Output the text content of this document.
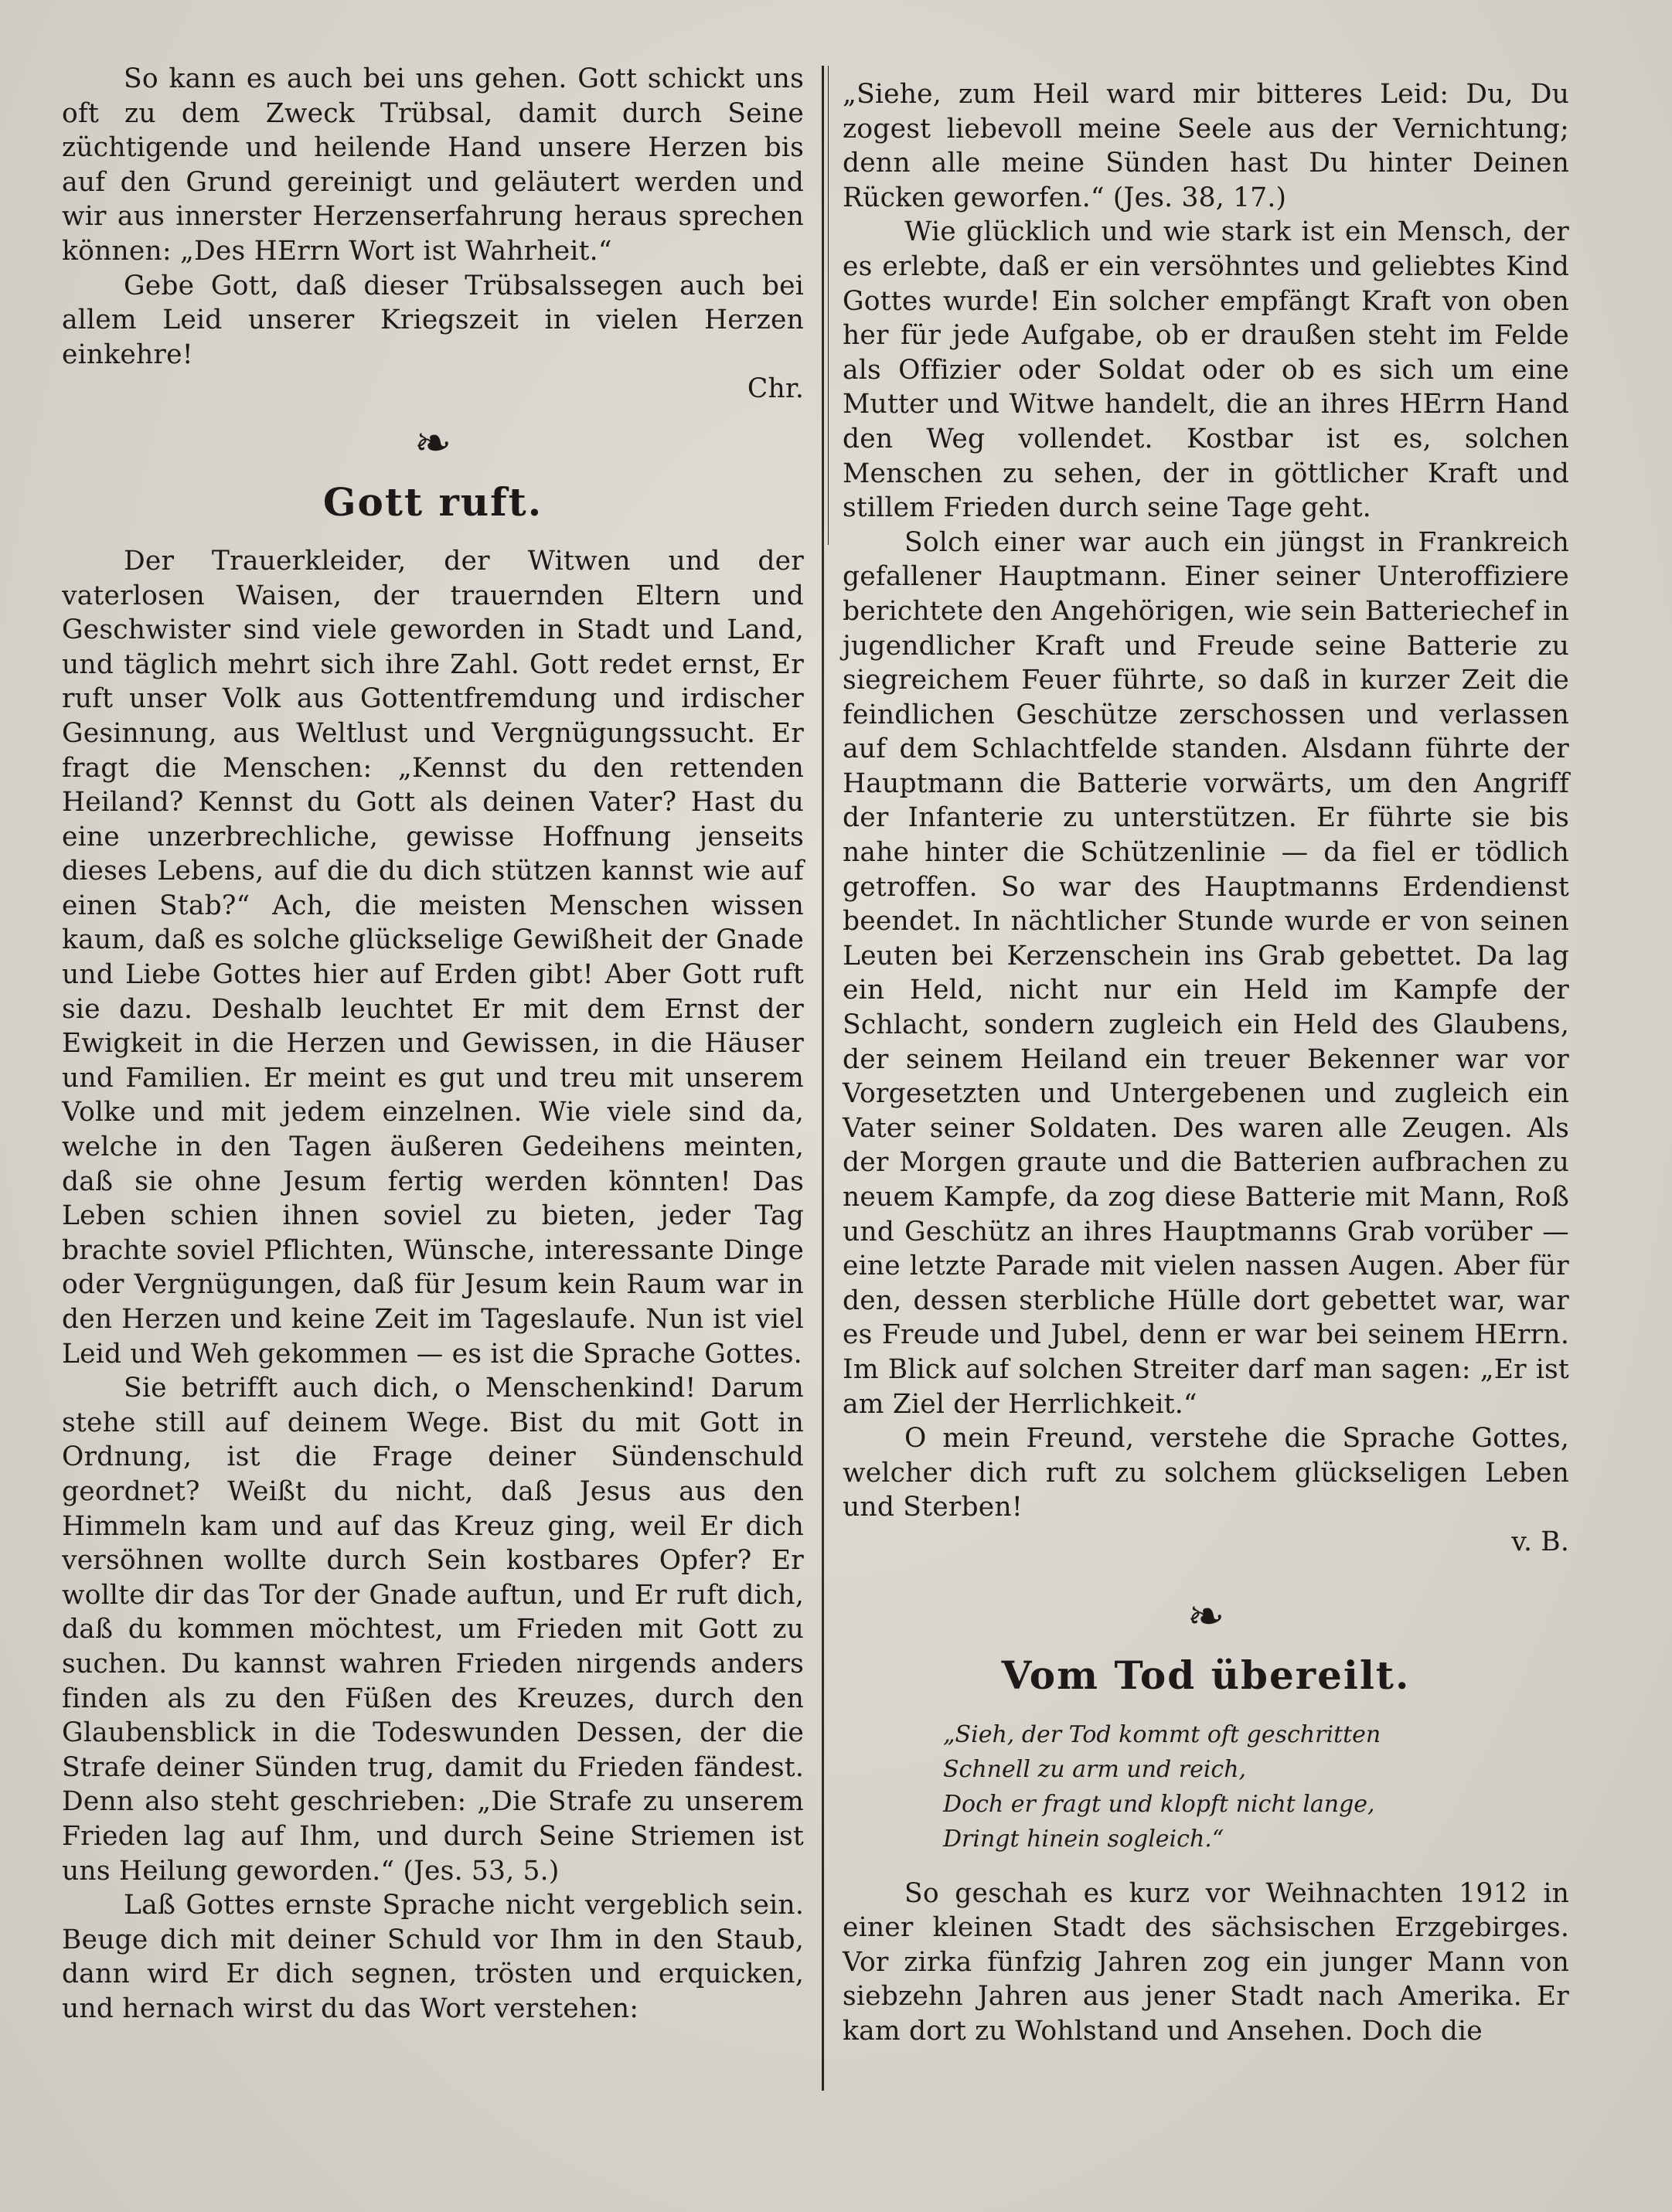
So kann es auch bei uns gehen. Gott schickt uns oft zu dem Zweck Trübsal, damit durch Seine züchtigende und heilende Hand unsere Herzen bis auf den Grund gereinigt und geläutert werden und wir aus innerster Herzenserfahrung heraus sprechen können: „Des HErrn Wort ist Wahrheit.“

Gebe Gott, daß dieser Trübsalssegen auch bei allem Leid unserer Kriegszeit in vielen Herzen einkehre!

Chr.

❧
Gott ruft.

Der Trauerkleider, der Witwen und der vaterlosen Waisen, der trauernden Eltern und Geschwister sind viele geworden in Stadt und Land, und täglich mehrt sich ihre Zahl. Gott redet ernst, Er ruft unser Volk aus Gottentfremdung und irdischer Gesinnung, aus Weltlust und Vergnügungssucht. Er fragt die Menschen: „Kennst du den rettenden Heiland? Kennst du Gott als deinen Vater? Hast du eine unzerbrechliche, gewisse Hoffnung jenseits dieses Lebens, auf die du dich stützen kannst wie auf einen Stab?“ Ach, die meisten Menschen wissen kaum, daß es solche glückselige Gewißheit der Gnade und Liebe Gottes hier auf Erden gibt! Aber Gott ruft sie dazu. Deshalb leuchtet Er mit dem Ernst der Ewigkeit in die Herzen und Gewissen, in die Häuser und Familien. Er meint es gut und treu mit unserem Volke und mit jedem einzelnen. Wie viele sind da, welche in den Tagen äußeren Gedeihens meinten, daß sie ohne Jesum fertig werden könnten! Das Leben schien ihnen soviel zu bieten, jeder Tag brachte soviel Pflichten, Wünsche, interessante Dinge oder Vergnügungen, daß für Jesum kein Raum war in den Herzen und keine Zeit im Tageslaufe. Nun ist viel Leid und Weh gekommen — es ist die Sprache Gottes.

Sie betrifft auch dich, o Menschenkind! Darum stehe still auf deinem Wege. Bist du mit Gott in Ordnung, ist die Frage deiner Sündenschuld geordnet? Weißt du nicht, daß Jesus aus den Himmeln kam und auf das Kreuz ging, weil Er dich versöhnen wollte durch Sein kostbares Opfer? Er wollte dir das Tor der Gnade auftun, und Er ruft dich, daß du kommen möchtest, um Frieden mit Gott zu suchen. Du kannst wahren Frieden nirgends anders finden als zu den Füßen des Kreuzes, durch den Glaubensblick in die Todeswunden Dessen, der die Strafe deiner Sünden trug, damit du Frieden fändest. Denn also steht geschrieben: „Die Strafe zu unserem Frieden lag auf Ihm, und durch Seine Striemen ist uns Heilung geworden.“ (Jes. 53, 5.)

Laß Gottes ernste Sprache nicht vergeblich sein. Beuge dich mit deiner Schuld vor Ihm in den Staub, dann wird Er dich segnen, trösten und erquicken, und hernach wirst du das Wort verstehen:

„Siehe, zum Heil ward mir bitteres Leid: Du, Du zogest liebevoll meine Seele aus der Vernichtung; denn alle meine Sünden hast Du hinter Deinen Rücken geworfen.“ (Jes. 38, 17.)

Wie glücklich und wie stark ist ein Mensch, der es erlebte, daß er ein versöhntes und geliebtes Kind Gottes wurde! Ein solcher empfängt Kraft von oben her für jede Aufgabe, ob er draußen steht im Felde als Offizier oder Soldat oder ob es sich um eine Mutter und Witwe handelt, die an ihres HErrn Hand den Weg vollendet. Kostbar ist es, solchen Menschen zu sehen, der in göttlicher Kraft und stillem Frieden durch seine Tage geht.

Solch einer war auch ein jüngst in Frankreich gefallener Hauptmann. Einer seiner Unteroffiziere berichtete den Angehörigen, wie sein Batteriechef in jugendlicher Kraft und Freude seine Batterie zu siegreichem Feuer führte, so daß in kurzer Zeit die feindlichen Geschütze zerschossen und verlassen auf dem Schlachtfelde standen. Alsdann führte der Hauptmann die Batterie vorwärts, um den Angriff der Infanterie zu unterstützen. Er führte sie bis nahe hinter die Schützenlinie — da fiel er tödlich getroffen. So war des Hauptmanns Erdendienst beendet. In nächtlicher Stunde wurde er von seinen Leuten bei Kerzenschein ins Grab gebettet. Da lag ein Held, nicht nur ein Held im Kampfe der Schlacht, sondern zugleich ein Held des Glaubens, der seinem Heiland ein treuer Bekenner war vor Vorgesetzten und Untergebenen und zugleich ein Vater seiner Soldaten. Des waren alle Zeugen. Als der Morgen graute und die Batterien aufbrachen zu neuem Kampfe, da zog diese Batterie mit Mann, Roß und Geschütz an ihres Hauptmanns Grab vorüber — eine letzte Parade mit vielen nassen Augen. Aber für den, dessen sterbliche Hülle dort gebettet war, war es Freude und Jubel, denn er war bei seinem HErrn. Im Blick auf solchen Streiter darf man sagen: „Er ist am Ziel der Herrlichkeit.“

O mein Freund, verstehe die Sprache Gottes, welcher dich ruft zu solchem glückseligen Leben und Sterben!

v. B.

❧
Vom Tod übereilt.
„Sieh, der Tod kommt oft geschritten
Schnell zu arm und reich,
Doch er fragt und klopft nicht lange,
Dringt hinein sogleich.“

So geschah es kurz vor Weihnachten 1912 in einer kleinen Stadt des sächsischen Erzgebirges. Vor zirka fünfzig Jahren zog ein junger Mann von siebzehn Jahren aus jener Stadt nach Amerika. Er kam dort zu Wohlstand und Ansehen. Doch die
